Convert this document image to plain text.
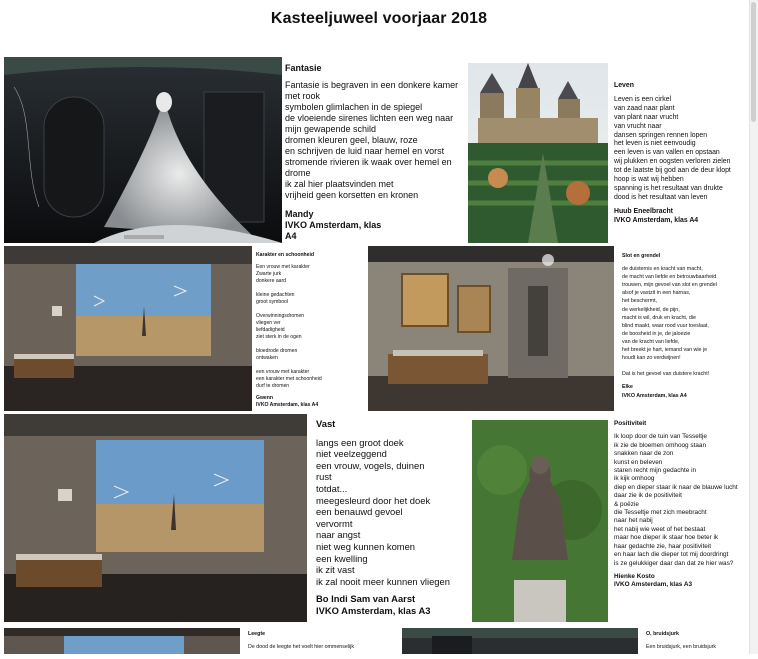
Kasteeljuweel voorjaar 2018
Fantasie
Fantasie is begraven in een donkere kamer
met rook
symbolen glimlachen in de spiegel
de vloeiende sirenes lichten een weg naar
mijn gewapende schild
dromen kleuren geel, blauw, roze
en schrijven de luid naar hemel en vorst
stromende rivieren ik waak over hemel en drome
ik zal hier plaatsvinden met
vrijheid geen korsetten en kronen
Mandy
IVKO Amsterdam, klas A4
Leven
Leven is een cirkel
van zaad naar plant
van plant naar vrucht
van vrucht naar
dansen springen rennen lopen
het leven is niet eenvoudig
een leven is van vallen en opstaan
wij plukken en oogsten verloren zielen
tot de laatste bij god aan de deur klopt
hoop is wat wij hebben
spanning is het resultaat van drukte
dood is het resultaat van leven
Huub Eneelbracht
IVKO Amsterdam, klas A4
Karakter en schoonheid
Een vrouw met karakter
Zwarte jurk
donkere aard

kleine gedachten
groot symbool

Overwinningsdromen
vliegen ver
liefdadigheid
ziet sterk in de ogen

bloedrode dromen
ontwaken

een vrouw met karakter
een karakter met schoonheid
durf te dromen
Gwenn
IVKO Amsterdam, klas A4
Slot en grendel
de duisternis en kracht van macht,
de macht van liefde en betrouwbaarheid
trouwen, mijn gevoel van slot en grendel
alsof je vastzit in een harnas,
het beschermt,
de werkelijkheid, de pijn,
macht is wil, druk en kracht, die
blind maakt, waar rood vuur toeslaat,
de boosheid in je, de jaloezie
van de kracht van liefde,
het breekt je hart, iemand van wie je
houdt kan zo verdwijnen!

Dat is het gevoel van duistere kracht!
Elke
IVKO Amsterdam, klas A4
Vast
langs een groot doek
niet veelzeggend
een vrouw, vogels, duinen
rust
totdat...
meegesleurd door het doek
een benauwd gevoel
vervormt
naar angst
niet weg kunnen komen
een kwelling
ik zit vast
ik zal nooit meer kunnen vliegen
Bo Indi Sam van Aarst
IVKO Amsterdam, klas A3
Positiviteit
Ik loop door de tuin van Tesseltje
ik zie de bloemen omhoog staan
snakken naar de zon
kunst en beleven
staren recht mijn gedachte in
ik kijk omhoog
diep en dieper staar ik naar de blauwe lucht
daar zie ik de positiviteit
& poëzie
die Tesseltje met zich meebracht
naar het nabij
het nabij wie weet of het bestaat
maar hoe dieper ik staar hoe beter ik
haar gedachte zie, haar positiviteit
en haar lach die dieper tot mij doordringt
is ze gelukkiger daar dan dat ze hier was?
Hienke Kosto
IVKO Amsterdam, klas A3
Leegte
De dood de leegte het voelt hier ommenselijk
O, bruidsjurk
Een bruidsjurk, een bruidsjurk
